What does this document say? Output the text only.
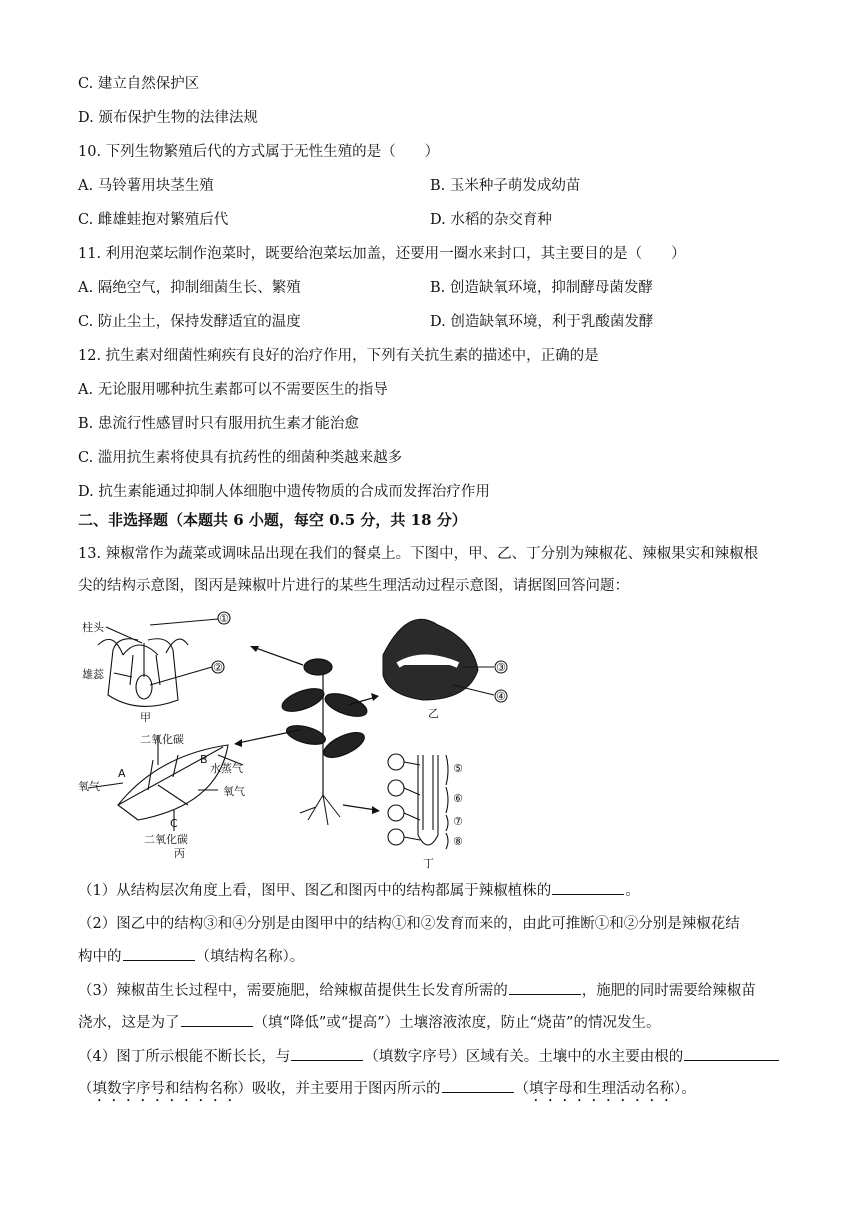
C. 建立自然保护区
D. 颁布保护生物的法律法规
10. 下列生物繁殖后代的方式属于无性生殖的是（　　）
A. 马铃薯用块茎生殖	B. 玉米种子萌发成幼苗
C. 雌雄蛙抱对繁殖后代	D. 水稻的杂交育种
11. 利用泡菜坛制作泡菜时，既要给泡菜坛加盖，还要用一圈水来封口，其主要目的是（　　）
A. 隔绝空气，抑制细菌生长、繁殖	B. 创造缺氧环境，抑制酵母菌发酵
C. 防止尘土，保持发酵适宜的温度	D. 创造缺氧环境，利于乳酸菌发酵
12. 抗生素对细菌性痢疾有良好的治疗作用，下列有关抗生素的描述中，正确的是
A. 无论服用哪种抗生素都可以不需要医生的指导
B. 患流行性感冒时只有服用抗生素才能治愈
C. 滥用抗生素将使具有抗药性的细菌种类越来越多
D. 抗生素能通过抑制人体细胞中遗传物质的合成而发挥治疗作用
二、非选择题（本题共 6 小题，每空 0.5 分，共 18 分）
13. 辣椒常作为蔬菜或调味品出现在我们的餐桌上。下图中，甲、乙、丁分别为辣椒花、辣椒果实和辣椒根
尖的结构示意图，图丙是辣椒叶片进行的某些生理活动过程示意图，请据图回答问题：
柱头
雄蕊
①
②
甲
③
④
乙
二氧化碳
氧气
A
B
水蒸气
氧气
C
二氧化碳
丙
⑤
⑥
⑦
⑧
丁
（1）从结构层次角度上看，图甲、图乙和图丙中的结构都属于辣椒植株的	。
（2）图乙中的结构③和④分别是由图甲中的结构①和②发育而来的，由此可推断①和②分别是辣椒花结
构中的	（填结构名称）。
（3）辣椒苗生长过程中，需要施肥，给辣椒苗提供生长发育所需的	，施肥的同时需要给辣椒苗
浇水，这是为了	（填“降低”或“提高”）土壤溶液浓度，防止“烧苗”的情况发生。
（4）图丁所示根能不断长长，与	（填数字序号）区域有关。土壤中的水主要由根的
（填数字序号和结构名称）吸收，并主要用于图丙所示的	（填字母和生理活动名称）。
